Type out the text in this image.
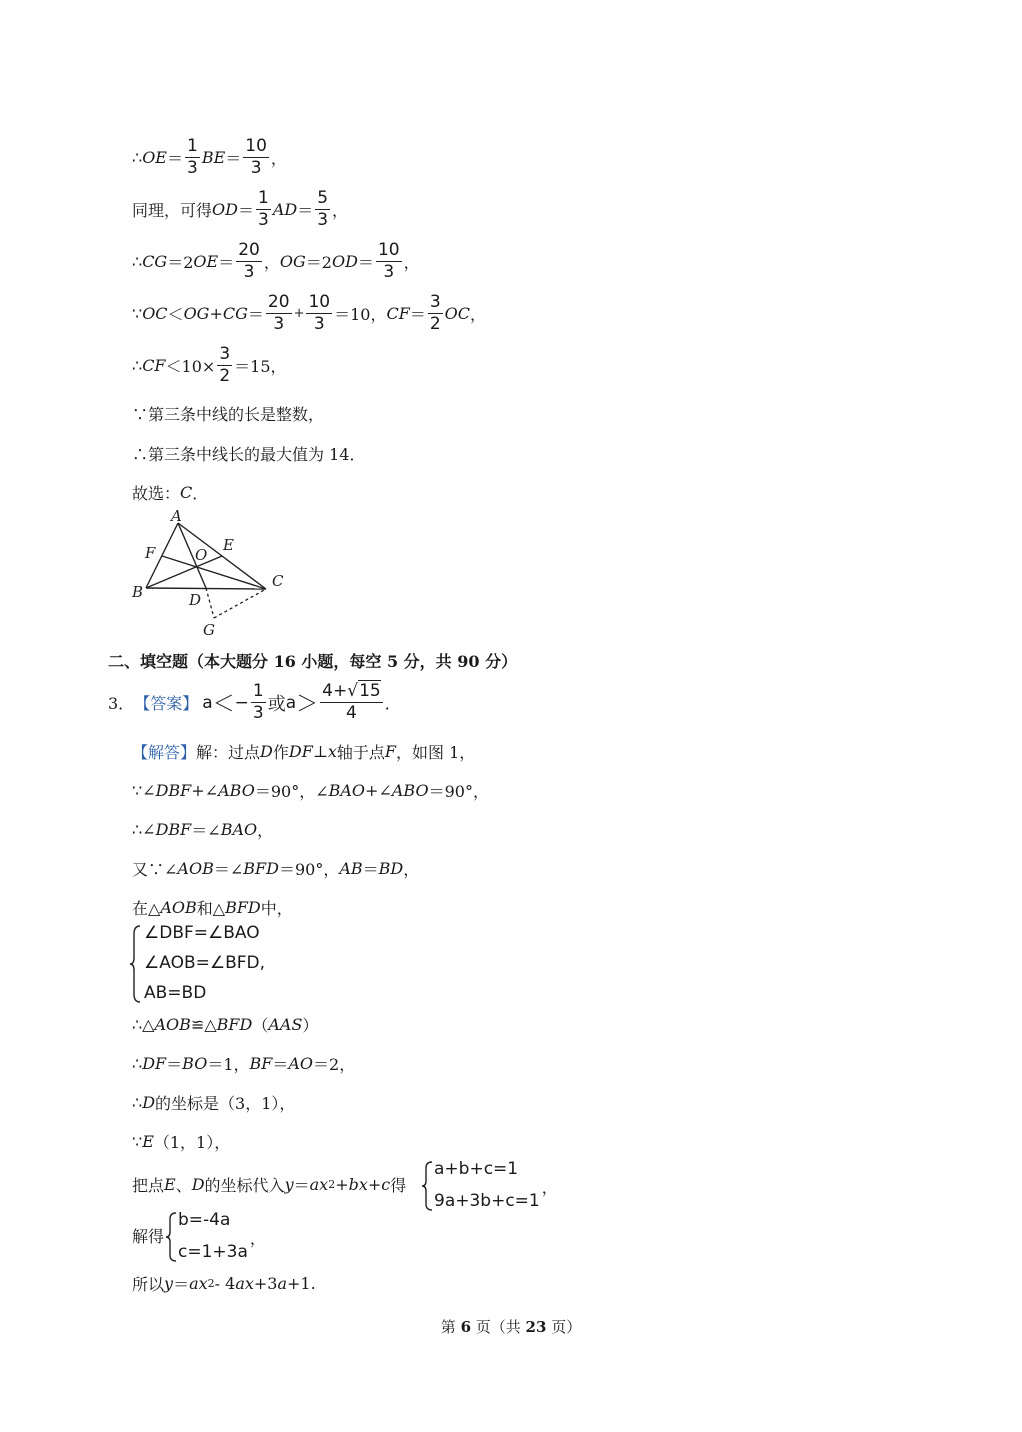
∴ OE ＝ $\frac{1}{3}$ BE ＝ $\frac{10}{3}$ ，
同理，可得 OD ＝ $\frac{1}{3}$ AD ＝ $\frac{5}{3}$ ，
∴ CG ＝2 OE ＝ $\frac{20}{3}$ ， OG ＝2 OD ＝ $\frac{10}{3}$ ，
∵ OC ＜ OG + CG ＝ $\frac{20}{3} + \frac{10}{3} =10$， CF ＝ $\frac{3}{2}$ OC ，
∴ CF $<10\times \frac{3}{2} =15$，
∵第三条中线的长是整数，
∴第三条中线长的最大值为 14．
故选： C ．
A
B
C
D
E
F
G
O
二、填空题（本大题分 16 小题，每空 5 分，共 90 分）
3． 【答案】 a ＜ − $\frac{1}{3}$ 或 $a > \frac{4+√15}{4}$ ．
【解答】 解：过点 D 作 DF ⊥ x 轴于点 F ，如图 1，
∵∠ DBF +∠ ABO ＝90°，∠ BAO +∠ ABO ＝90°，
∴∠ DBF ＝∠ BAO ，
又∵∠ AOB ＝∠ BFD ＝90°， AB ＝ BD ，
在△ AOB 和△ BFD 中，
∠DBF=∠BAO
∠AOB=∠BFD,
AB=BD
∴△ AOB ≌△ BFD （ AAS ）
∴ DF ＝ BO ＝1， BF ＝ AO ＝2，
∴ D 的坐标是（3，1），
∵ E （1，1），
把点 E 、 D 的坐标代入 y ＝ ax 2 + bx + c 得
a+b+c=1
9a+3b+c=1
，
解得
b=-4a
c=1+3a
，
所以 y ＝ ax 2 - 4 ax +3 a +1.
第 6 页（共 23 页）
